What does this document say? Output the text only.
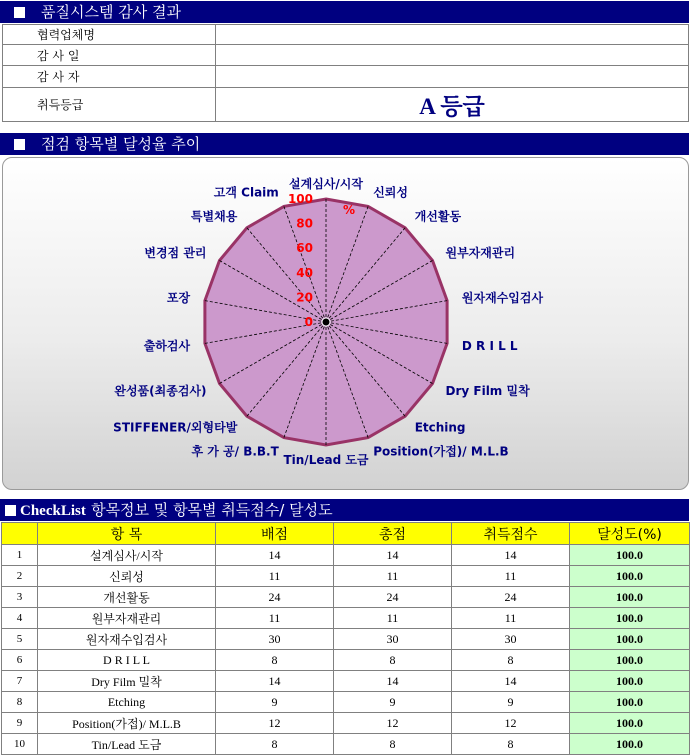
품질시스템 감사 결과
협력업체명	
감 사 일	
감 사 자	
취득등급	A 등급
점검 항목별 달성율 추이
0
20
40
60
80
100
%
설계심사/시작
신뢰성
개선활동
원부자재관리
원자재수입검사
D R I L L
Dry Film 밀착
Etching
Position(가접)/ M.L.B
Tin/Lead 도금
후 가 공/ B.B.T
STIFFENER/외형타발
완성품(최종검사)
출하검사
포장
변경점 관리
특별채용
고객 Claim
CheckList 항목정보 및 항목별 취득점수/ 달성도
	항 목	배점	총점	취득점수	달성도(%)
1	설계심사/시작	14	14	14	100.0
2	신뢰성	11	11	11	100.0
3	개선활동	24	24	24	100.0
4	원부자재관리	11	11	11	100.0
5	원자재수입검사	30	30	30	100.0
6	D R I L L	8	8	8	100.0
7	Dry Film 밀착	14	14	14	100.0
8	Etching	9	9	9	100.0
9	Position(가접)/ M.L.B	12	12	12	100.0
10	Tin/Lead 도금	8	8	8	100.0
